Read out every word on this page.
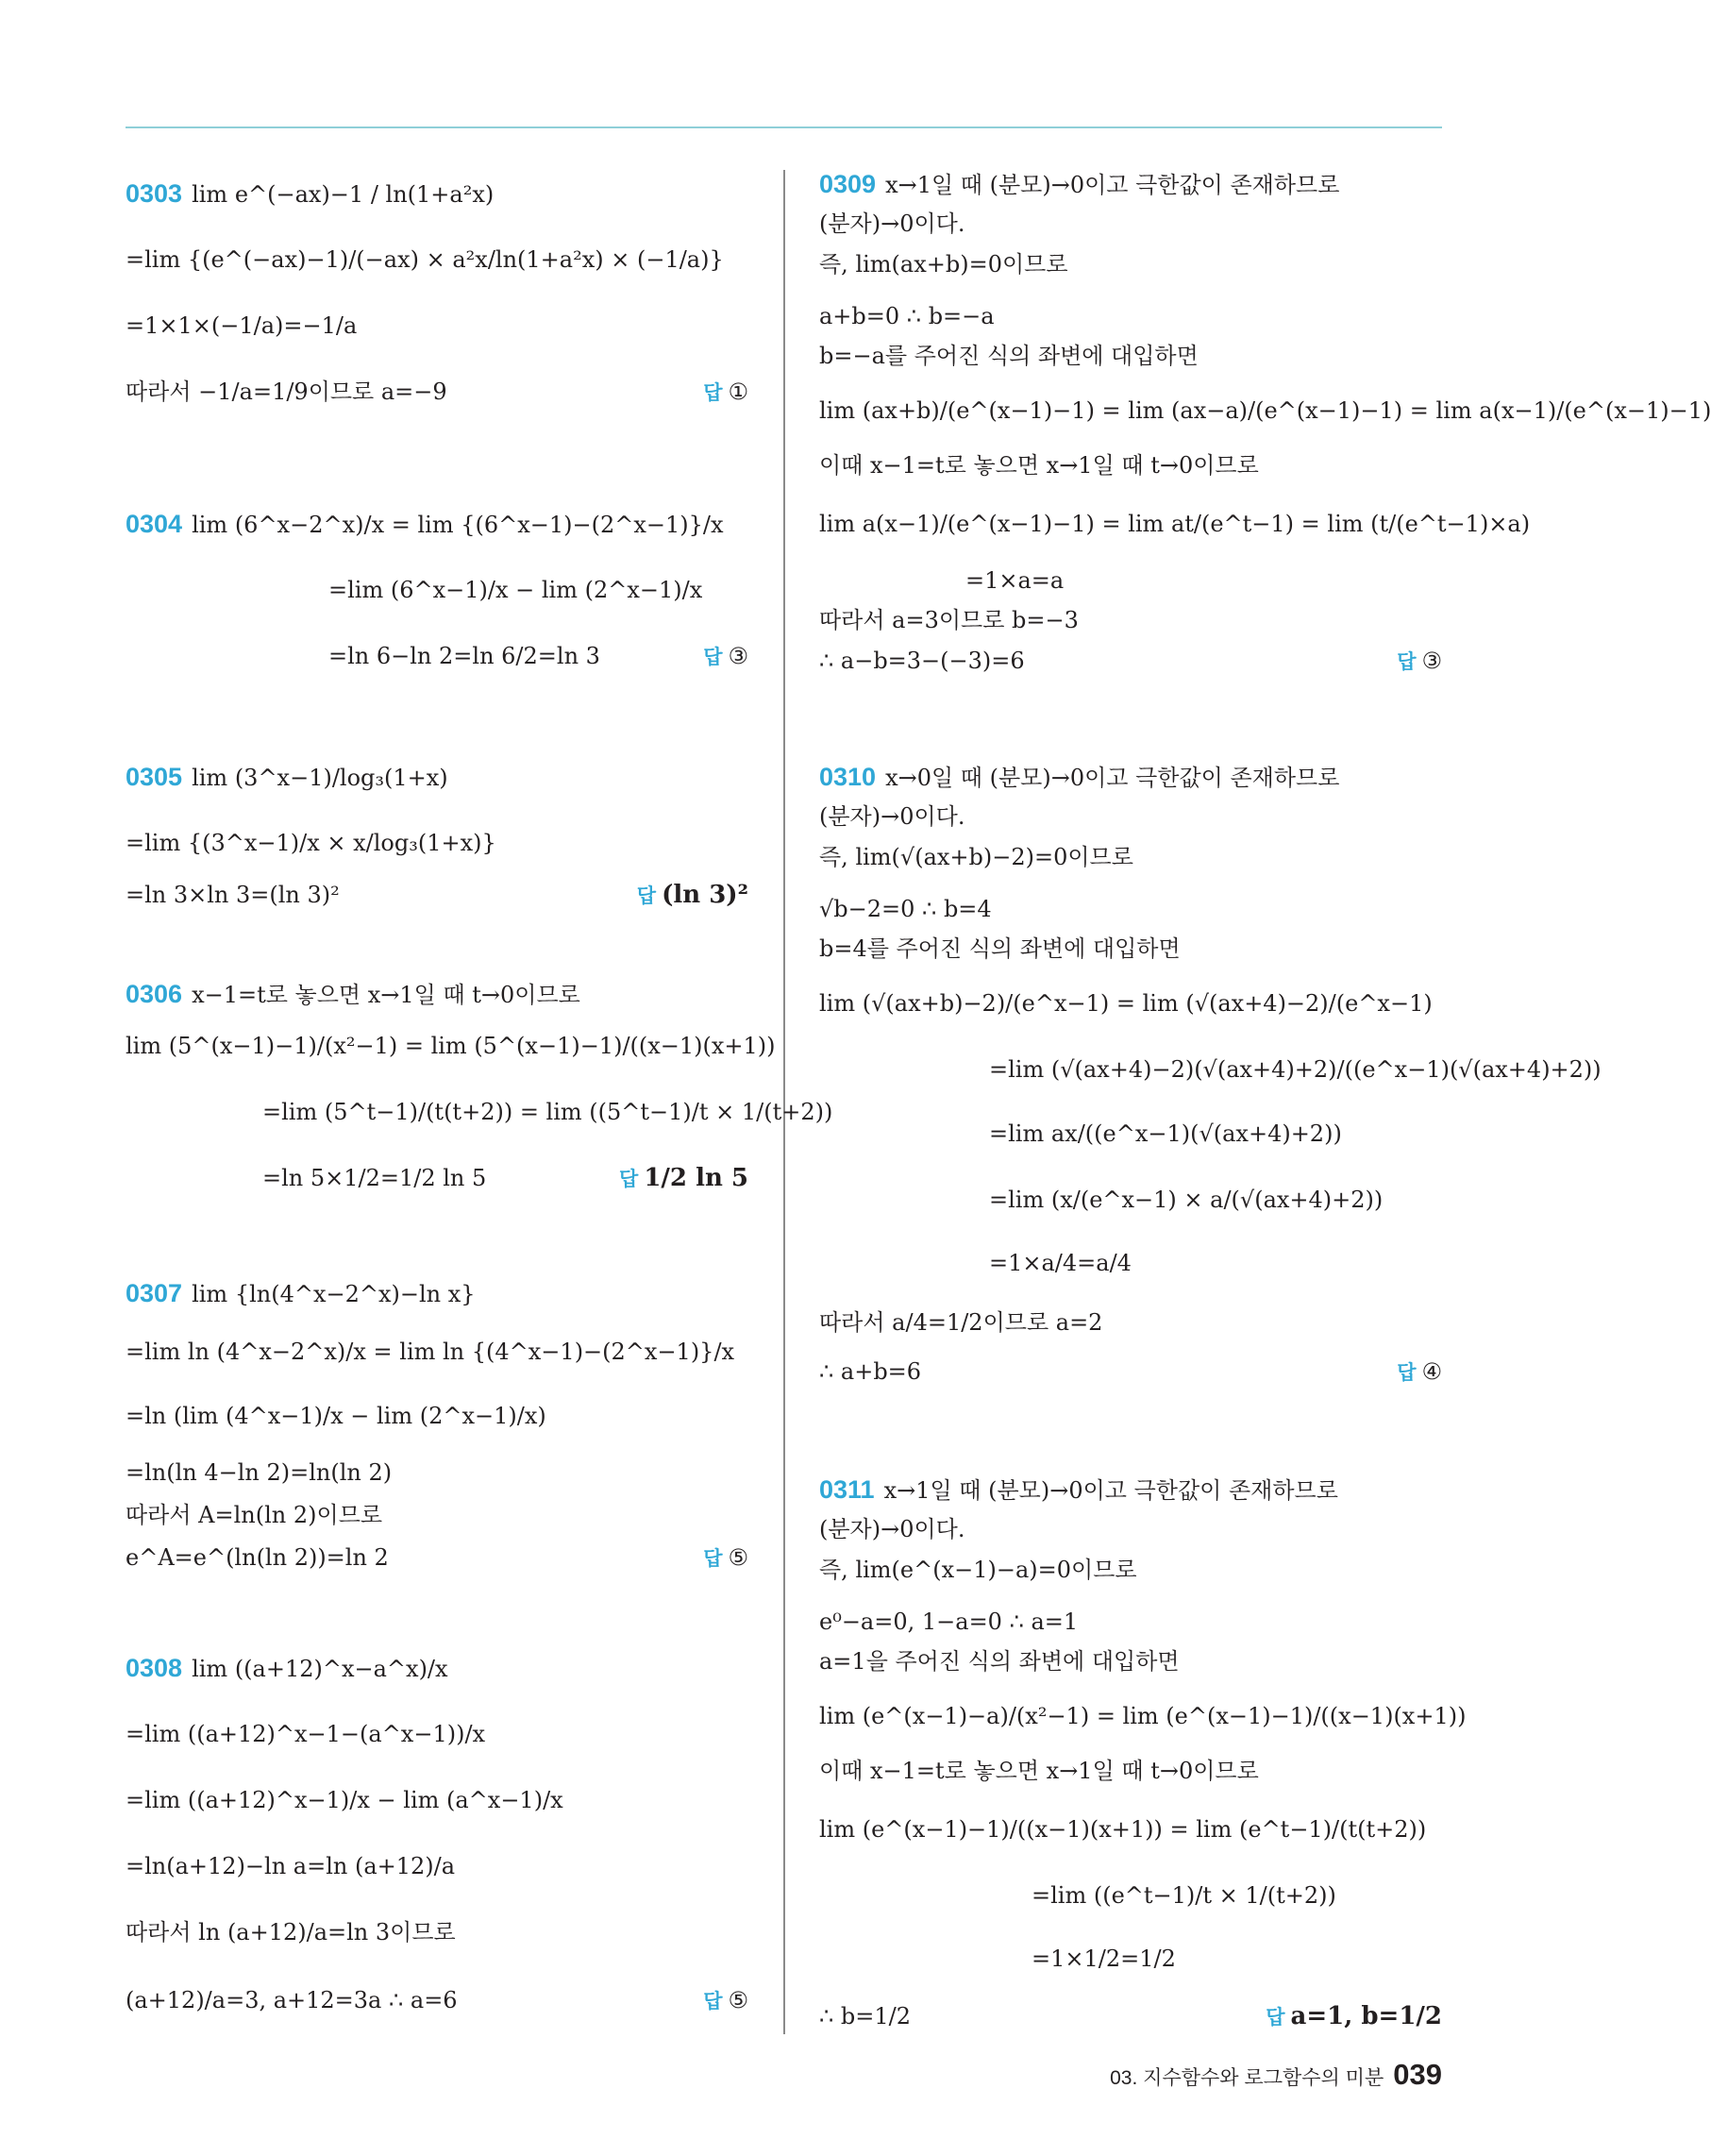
0303 lim e^(−ax)−1 / ln(1+a²x)
=lim {(e^(−ax)−1)/(−ax) × a²x/ln(1+a²x) × (−1/a)}
=1×1×(−1/a)=−1/a
따라서 −1/a=1/9이므로 a=−9	답 ①
0304 lim (6^x−2^x)/x = lim {(6^x−1)−(2^x−1)}/x
=lim (6^x−1)/x − lim (2^x−1)/x
=ln 6−ln 2=ln 6/2=ln 3	답 ③
0305 lim (3^x−1)/log₃(1+x)
=lim {(3^x−1)/x × x/log₃(1+x)}
=ln 3×ln 3=(ln 3)²	답 (ln 3)²
0306 x−1=t로 놓으면 x→1일 때 t→0이므로
lim (5^(x−1)−1)/(x²−1) = lim (5^(x−1)−1)/((x−1)(x+1))
=lim (5^t−1)/(t(t+2)) = lim ((5^t−1)/t × 1/(t+2))
=ln 5×1/2=1/2 ln 5	답 1/2 ln 5
0307 lim {ln(4^x−2^x)−ln x}
=lim ln (4^x−2^x)/x = lim ln {(4^x−1)−(2^x−1)}/x
=ln (lim (4^x−1)/x − lim (2^x−1)/x)
=ln(ln 4−ln 2)=ln(ln 2)
따라서 A=ln(ln 2)이므로
e^A=e^(ln(ln 2))=ln 2	답 ⑤
0308 lim ((a+12)^x−a^x)/x
=lim ((a+12)^x−1−(a^x−1))/x
=lim ((a+12)^x−1)/x − lim (a^x−1)/x
=ln(a+12)−ln a=ln (a+12)/a
따라서 ln (a+12)/a=ln 3이므로
(a+12)/a=3, a+12=3a ∴ a=6	답 ⑤
0309 x→1일 때 (분모)→0이고 극한값이 존재하므로
(분자)→0이다.
즉, lim(ax+b)=0이므로
a+b=0 ∴ b=−a
b=−a를 주어진 식의 좌변에 대입하면
lim (ax+b)/(e^(x−1)−1) = lim (ax−a)/(e^(x−1)−1) = lim a(x−1)/(e^(x−1)−1)
이때 x−1=t로 놓으면 x→1일 때 t→0이므로
lim a(x−1)/(e^(x−1)−1) = lim at/(e^t−1) = lim (t/(e^t−1)×a)
=1×a=a
따라서 a=3이므로 b=−3
∴ a−b=3−(−3)=6	답 ③
0310 x→0일 때 (분모)→0이고 극한값이 존재하므로
(분자)→0이다.
즉, lim(√(ax+b)−2)=0이므로
√b−2=0 ∴ b=4
b=4를 주어진 식의 좌변에 대입하면
lim (√(ax+b)−2)/(e^x−1) = lim (√(ax+4)−2)/(e^x−1)
=lim (√(ax+4)−2)(√(ax+4)+2)/((e^x−1)(√(ax+4)+2))
=lim ax/((e^x−1)(√(ax+4)+2))
=lim (x/(e^x−1) × a/(√(ax+4)+2))
=1×a/4=a/4
따라서 a/4=1/2이므로 a=2
∴ a+b=6	답 ④
0311 x→1일 때 (분모)→0이고 극한값이 존재하므로
(분자)→0이다.
즉, lim(e^(x−1)−a)=0이므로
e⁰−a=0, 1−a=0 ∴ a=1
a=1을 주어진 식의 좌변에 대입하면
lim (e^(x−1)−a)/(x²−1) = lim (e^(x−1)−1)/((x−1)(x+1))
이때 x−1=t로 놓으면 x→1일 때 t→0이므로
lim (e^(x−1)−1)/((x−1)(x+1)) = lim (e^t−1)/(t(t+2))
=lim ((e^t−1)/t × 1/(t+2))
=1×1/2=1/2
∴ b=1/2	답 a=1, b=1/2
03. 지수함수와 로그함수의 미분 039
